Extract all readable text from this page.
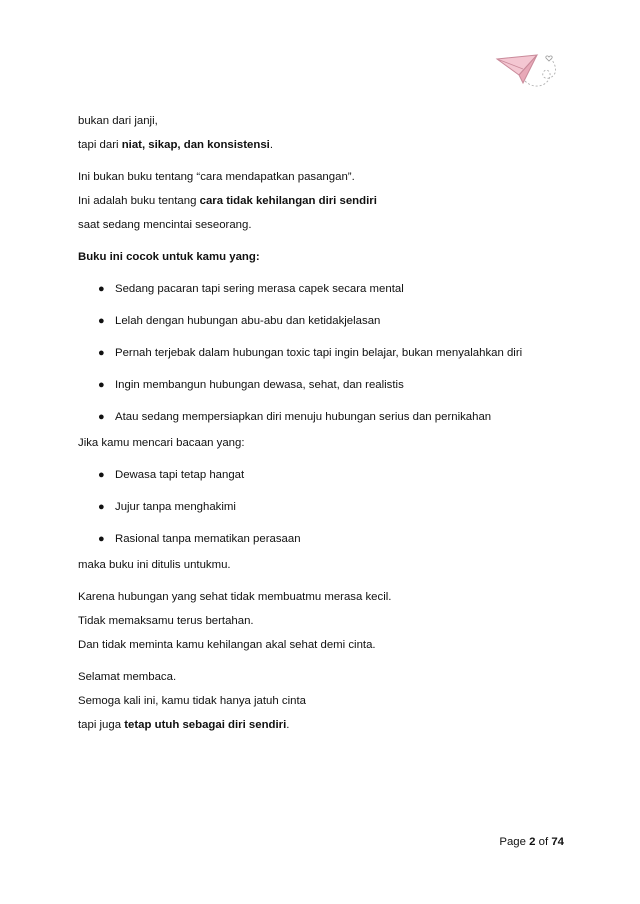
bukan dari janji,
tapi dari niat, sikap, dan konsistensi.
Ini bukan buku tentang “cara mendapatkan pasangan”.
Ini adalah buku tentang cara tidak kehilangan diri sendiri
saat sedang mencintai seseorang.
Buku ini cocok untuk kamu yang:
● Sedang pacaran tapi sering merasa capek secara mental
● Lelah dengan hubungan abu-abu dan ketidakjelasan
● Pernah terjebak dalam hubungan toxic tapi ingin belajar, bukan menyalahkan diri
● Ingin membangun hubungan dewasa, sehat, dan realistis
● Atau sedang mempersiapkan diri menuju hubungan serius dan pernikahan
Jika kamu mencari bacaan yang:
● Dewasa tapi tetap hangat
● Jujur tanpa menghakimi
● Rasional tanpa mematikan perasaan
maka buku ini ditulis untukmu.
Karena hubungan yang sehat tidak membuatmu merasa kecil.
Tidak memaksamu terus bertahan.
Dan tidak meminta kamu kehilangan akal sehat demi cinta.
Selamat membaca.
Semoga kali ini, kamu tidak hanya jatuh cinta
tapi juga tetap utuh sebagai diri sendiri.
Page 2 of 74
